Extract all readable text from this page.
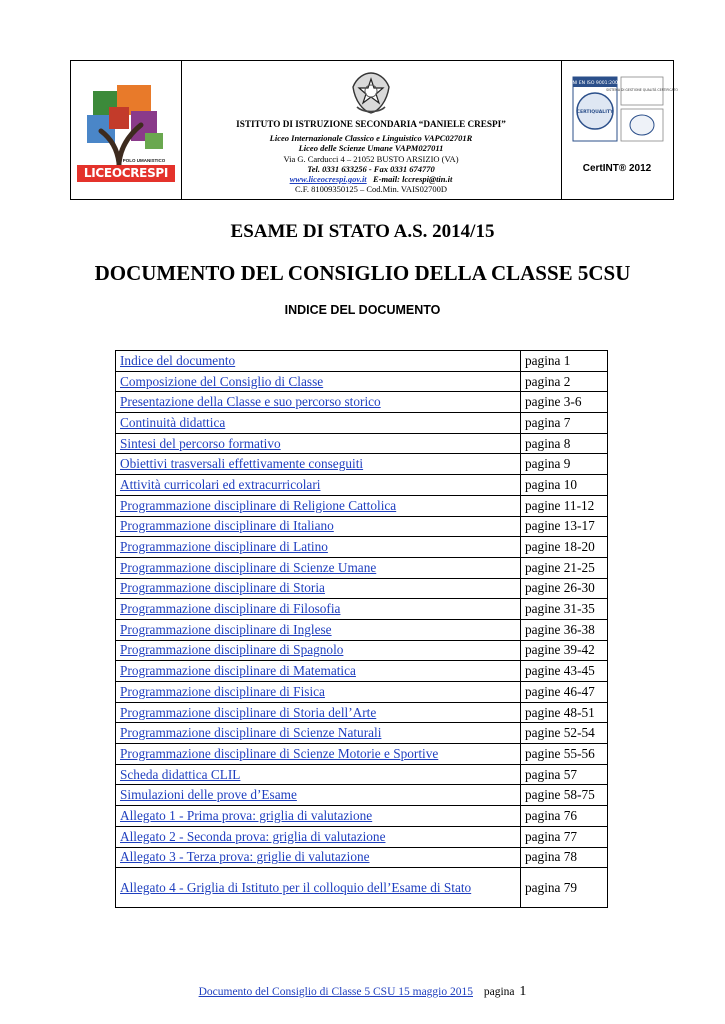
POLO UMANISTICO
LICEOCRESPI
ISTITUTO DI ISTRUZIONE SECONDARIA “DANIELE CRESPI”
Liceo Internazionale Classico e Linguistico VAPC02701R
Liceo delle Scienze Umane VAPM027011
Via G. Carducci 4 – 21052 BUSTO ARSIZIO (VA)
Tel. 0331 633256 - Fax 0331 674770
www.liceocrespi.gov.it E-mail: lccrespi@tin.it
C.F. 81009350125 – Cod.Min. VAIS02700D
UNI EN ISO 9001:2008
CERTIQUALITY
SISTEMA DI GESTIONE QUALITÀ CERTIFICATO
CertINT® 2012
ESAME DI STATO A.S. 2014/15
DOCUMENTO DEL CONSIGLIO DELLA CLASSE 5CSU
INDICE DEL DOCUMENTO
Indice del documento	pagina 1
Composizione del Consiglio di Classe	pagina 2
Presentazione della Classe e suo percorso storico	pagine 3-6
Continuità didattica	pagina 7
Sintesi del percorso formativo	pagina 8
Obiettivi trasversali effettivamente conseguiti	pagina 9
Attività curricolari ed extracurricolari	pagina 10
Programmazione disciplinare di Religione Cattolica	pagine 11-12
Programmazione disciplinare di Italiano	pagine 13-17
Programmazione disciplinare di Latino	pagine 18-20
Programmazione disciplinare di Scienze Umane	pagine 21-25
Programmazione disciplinare di Storia	pagine 26-30
Programmazione disciplinare di Filosofia	pagine 31-35
Programmazione disciplinare di Inglese	pagine 36-38
Programmazione disciplinare di Spagnolo	pagine 39-42
Programmazione disciplinare di Matematica	pagine 43-45
Programmazione disciplinare di Fisica	pagine 46-47
Programmazione disciplinare di Storia dell’Arte	pagine 48-51
Programmazione disciplinare di Scienze Naturali	pagine 52-54
Programmazione disciplinare di Scienze Motorie e Sportive	pagine 55-56
Scheda didattica CLIL	pagina 57
Simulazioni delle prove d’Esame	pagine 58-75
Allegato 1 - Prima prova: griglia di valutazione	pagina 76
Allegato 2 - Seconda prova: griglia di valutazione	pagina 77
Allegato 3 - Terza prova: griglie di valutazione	pagina 78
Allegato 4 - Griglia di Istituto per il colloquio dell’Esame di Stato	pagina 79
Documento del Consiglio di Classe 5 CSU 15 maggio 2015 pagina 1
